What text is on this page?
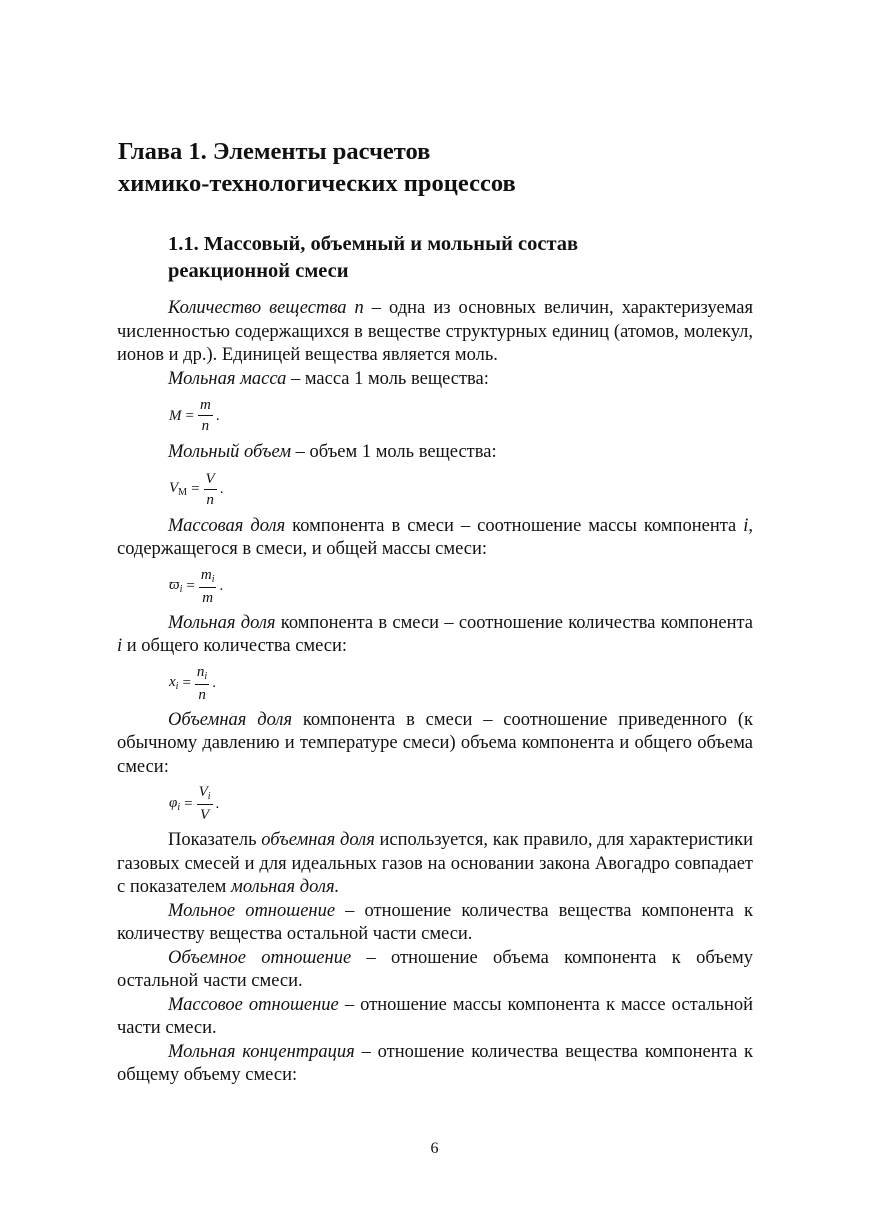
Глава 1. Элементы расчетов
химико-технологических процессов
1.1. Массовый, объемный и мольный состав
реакционной смеси

Количество вещества n – одна из основных величин, характеризуемая численностью содержащихся в веществе структурных единиц (атомов, молекул, ионов и др.). Единицей вещества является моль.

Мольная масса – масса 1 моль вещества:

$M = \frac{m}{n}$ .

Мольный объем – объем 1 моль вещества:

$V_М = \frac{V}{n}$ .

Массовая доля компонента в смеси – соотношение массы компонента i, содержащегося в смеси, и общей массы смеси:

$ϖ_i = \frac{m_i}{m}$ .

Мольная доля компонента в смеси – соотношение количества компонента i и общего количества смеси:

$x_i = \frac{n_i}{n}$ .

Объемная доля компонента в смеси – соотношение приведенного (к обычному давлению и температуре смеси) объема компонента и общего объема смеси:

$\varphi_i = \frac{V_i}{V}$ .

Показатель объемная доля используется, как правило, для характеристики газовых смесей и для идеальных газов на основании закона Авогадро совпадает с показателем мольная доля.

Мольное отношение – отношение количества вещества компонента к количеству вещества остальной части смеси.

Объемное отношение – отношение объема компонента к объему остальной части смеси.

Массовое отношение – отношение массы компонента к массе остальной части смеси.

Мольная концентрация – отношение количества вещества компонента к общему объему смеси:

6
